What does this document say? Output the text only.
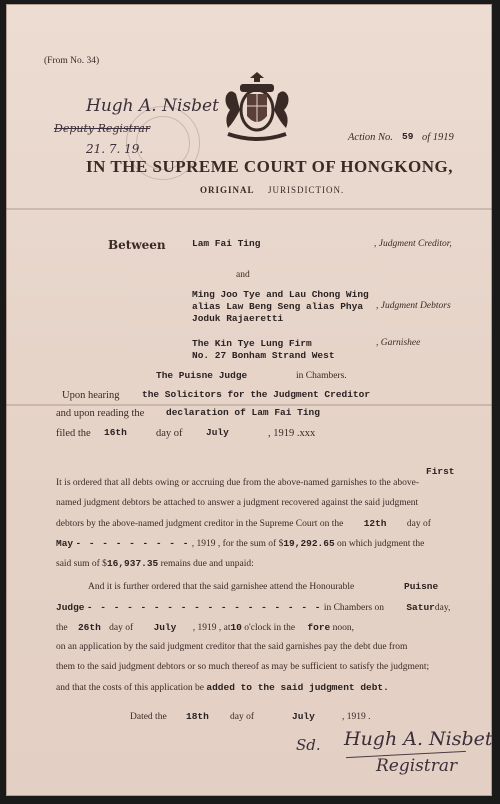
(From No. 34)
Hugh A. Nisbet
Deputy Registrar
21. 7. 19.
Action No. 59 of 1919
IN THE SUPREME COURT OF HONGKONG,
ORIGINAL JURISDICTION.
Between	Lam Fai Ting	, Judgment Creditor,
and
Ming Joo Tye and Lau Chong Wing
alias Law Beng Seng alias Phya
Joduk Rajaeretti
, Judgment Debtors
The Kin Tye Lung Firm
No. 27 Bonham Strand West
, Garnishee
The Puisne Judge	in Chambers.
Upon hearing the Solicitors for the Judgment Creditor
and upon reading the declaration of Lam Fai Ting
filed the 16th	day of July	, 1919 .xxx
First
It is ordered that all debts owing or accruing due from the above-named garnishes to the above-
named judgment debtors be attached to answer a judgment recovered against the said judgment
debtors by the above-named judgment creditor in the Supreme Court on the 12th day of
May - - - - - - - - - , 1919 , for the sum of $19,292.65 on which judgment the
said sum of $16,937.35 remains due and unpaid:
And it is further ordered that the said garnishee attend the Honourable	Puisne
Judge - - - - - - - - - - - - - - - - - - in Chambers on Saturday,
the 26th day of July , 1919 , at10 o'clock in the fore noon,
on an application by the said judgment creditor that the said garnishes pay the debt due from
them to the said judgment debtors or so much thereof as may be sufficient to satisfy the judgment;
and that the costs of this application be added to the said judgment debt.
Dated the 18th day of	July	, 1919 .
Sd. Hugh A. Nisbet
Registrar
